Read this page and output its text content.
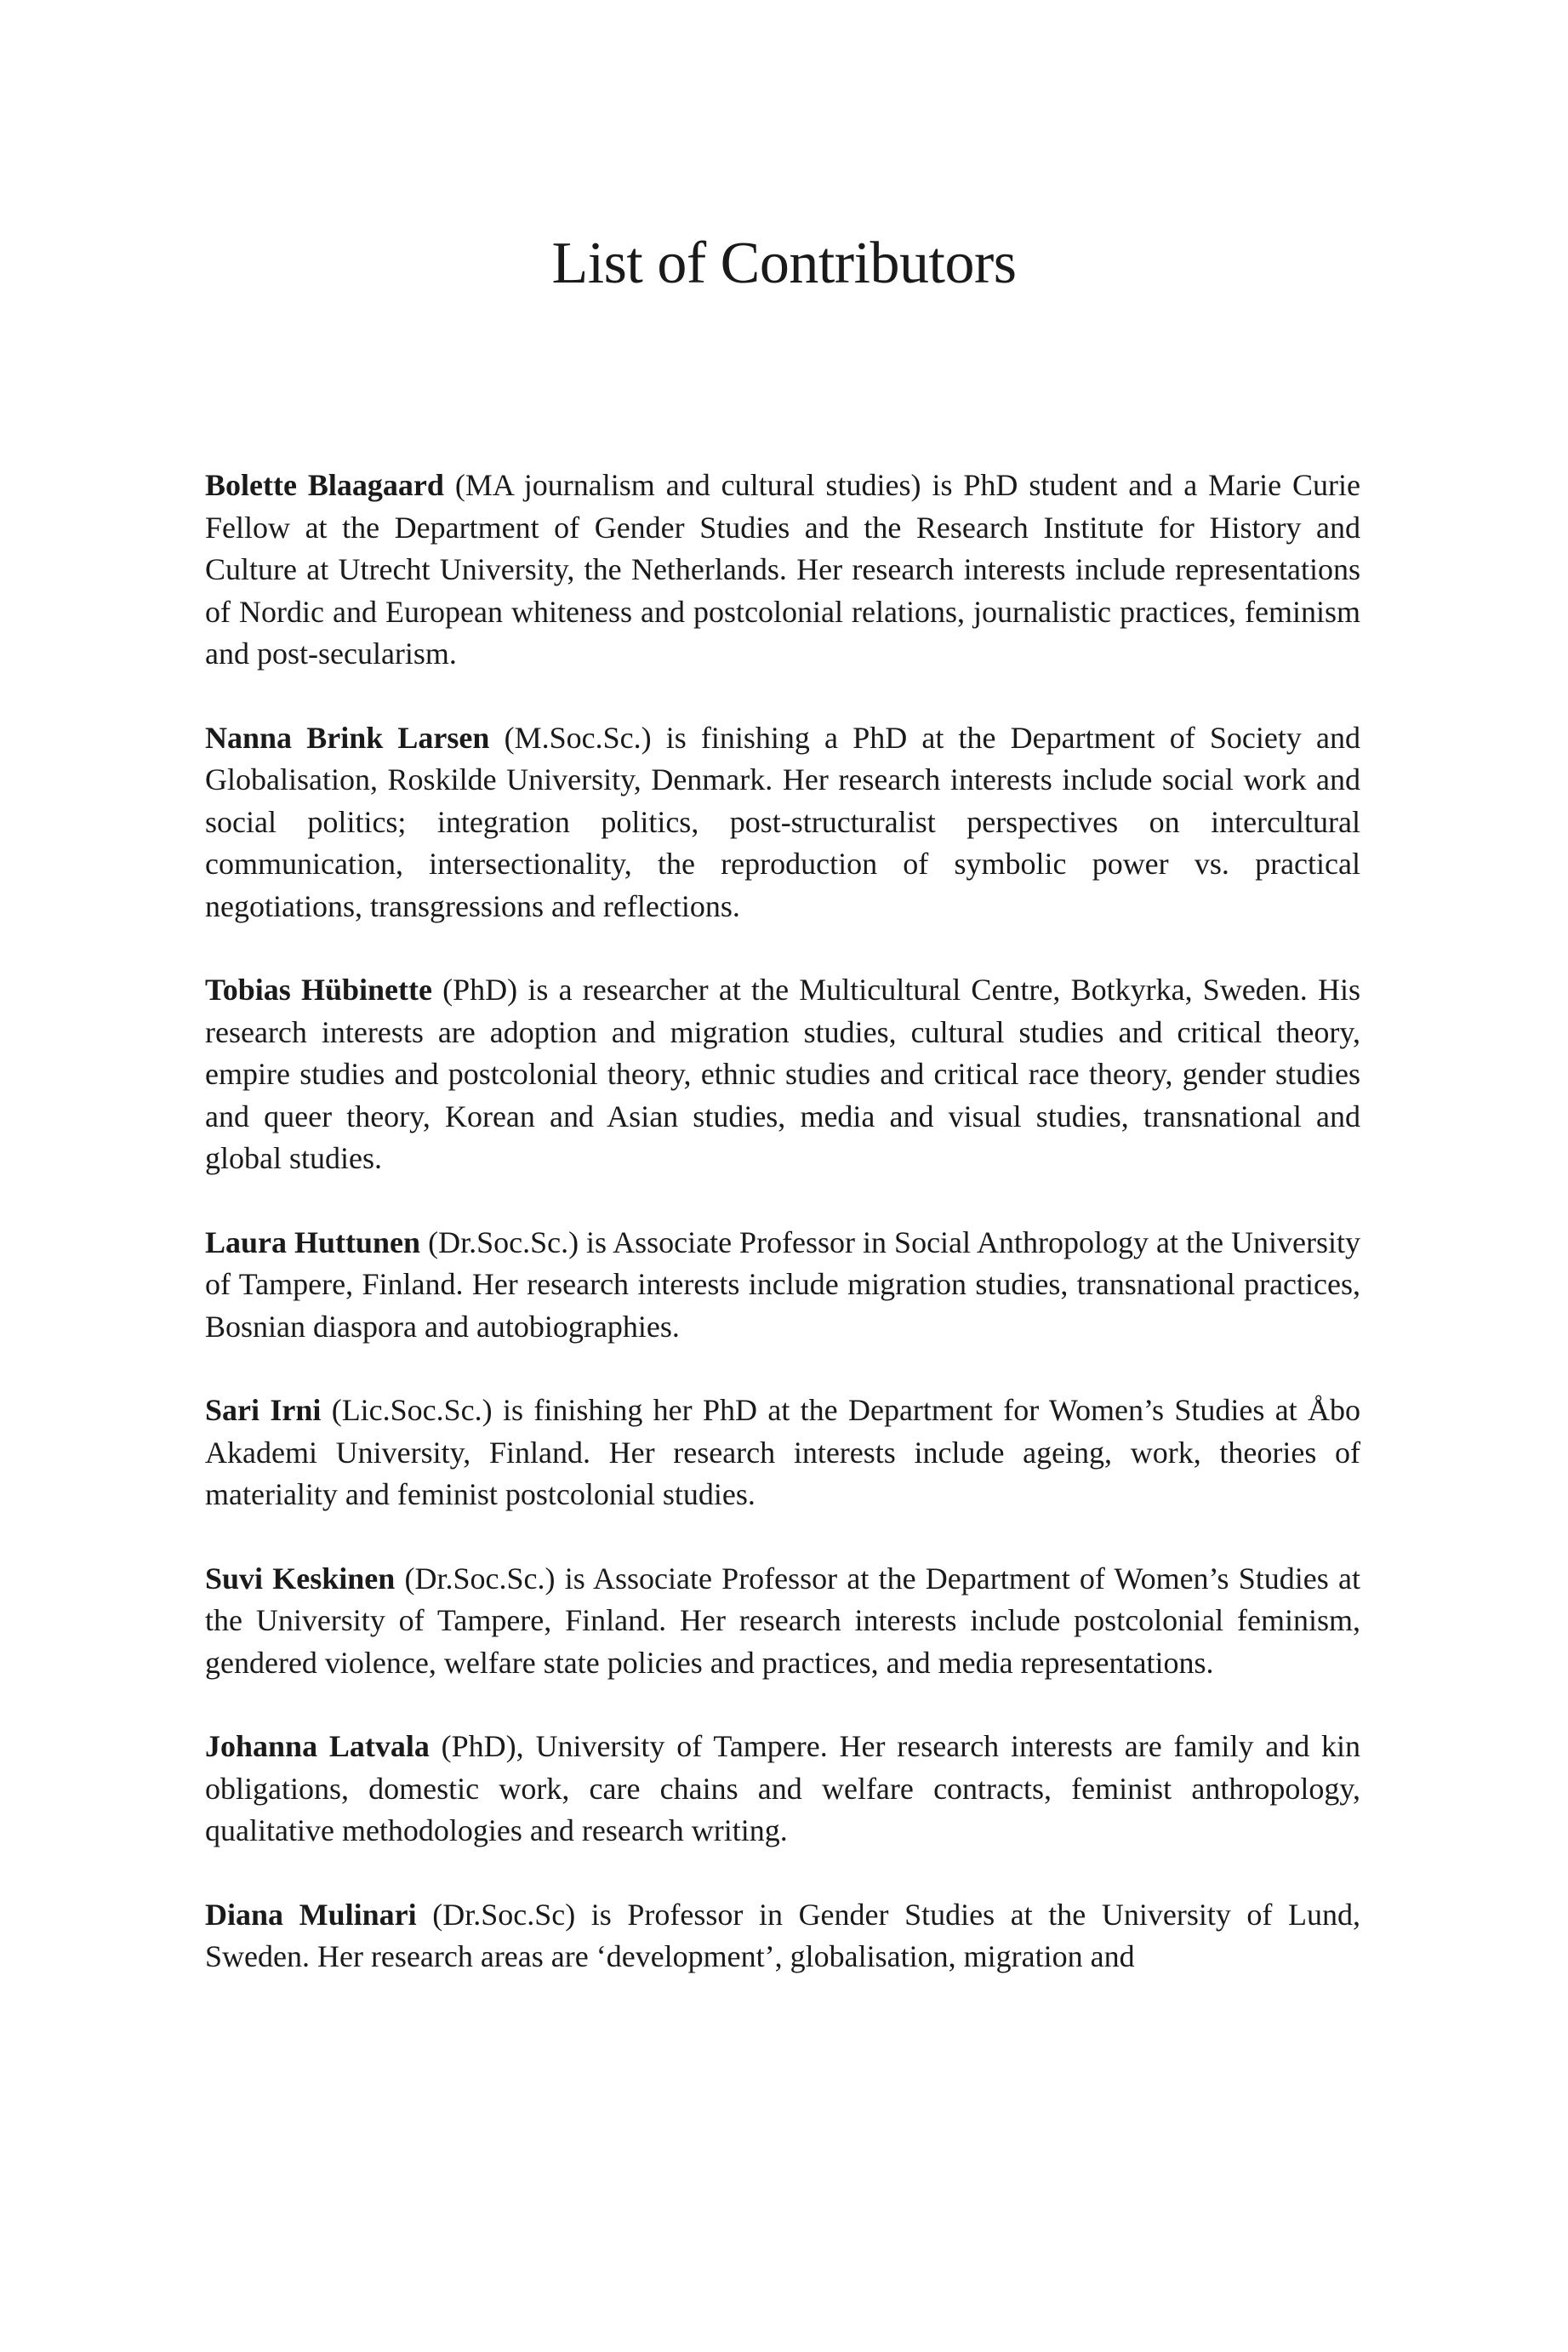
List of Contributors

Bolette Blaagaard (MA journalism and cultural studies) is PhD student and a Marie Curie Fellow at the Department of Gender Studies and the Research Institute for History and Culture at Utrecht University, the Netherlands. Her research interests include representations of Nordic and European whiteness and postcolonial relations, journalistic practices, feminism and post-secularism.

Nanna Brink Larsen (M.Soc.Sc.) is finishing a PhD at the Department of Society and Globalisation, Roskilde University, Denmark. Her research interests include social work and social politics; integration politics, post-structuralist perspectives on intercultural communication, intersectionality, the reproduction of symbolic power vs. practical negotiations, transgressions and reflections.

Tobias Hübinette (PhD) is a researcher at the Multicultural Centre, Botkyrka, Sweden. His research interests are adoption and migration studies, cultural studies and critical theory, empire studies and postcolonial theory, ethnic studies and critical race theory, gender studies and queer theory, Korean and Asian studies, media and visual studies, transnational and global studies.

Laura Huttunen (Dr.Soc.Sc.) is Associate Professor in Social Anthropology at the University of Tampere, Finland. Her research interests include migration studies, transnational practices, Bosnian diaspora and autobiographies.

Sari Irni (Lic.Soc.Sc.) is finishing her PhD at the Department for Women’s Studies at Åbo Akademi University, Finland. Her research interests include ageing, work, theories of materiality and feminist postcolonial studies.

Suvi Keskinen (Dr.Soc.Sc.) is Associate Professor at the Department of Women’s Studies at the University of Tampere, Finland. Her research interests include postcolonial feminism, gendered violence, welfare state policies and practices, and media representations.

Johanna Latvala (PhD), University of Tampere. Her research interests are family and kin obligations, domestic work, care chains and welfare contracts, feminist anthropology, qualitative methodologies and research writing.

Diana Mulinari (Dr.Soc.Sc) is Professor in Gender Studies at the University of Lund, Sweden. Her research areas are ‘development’, globalisation, migration and
